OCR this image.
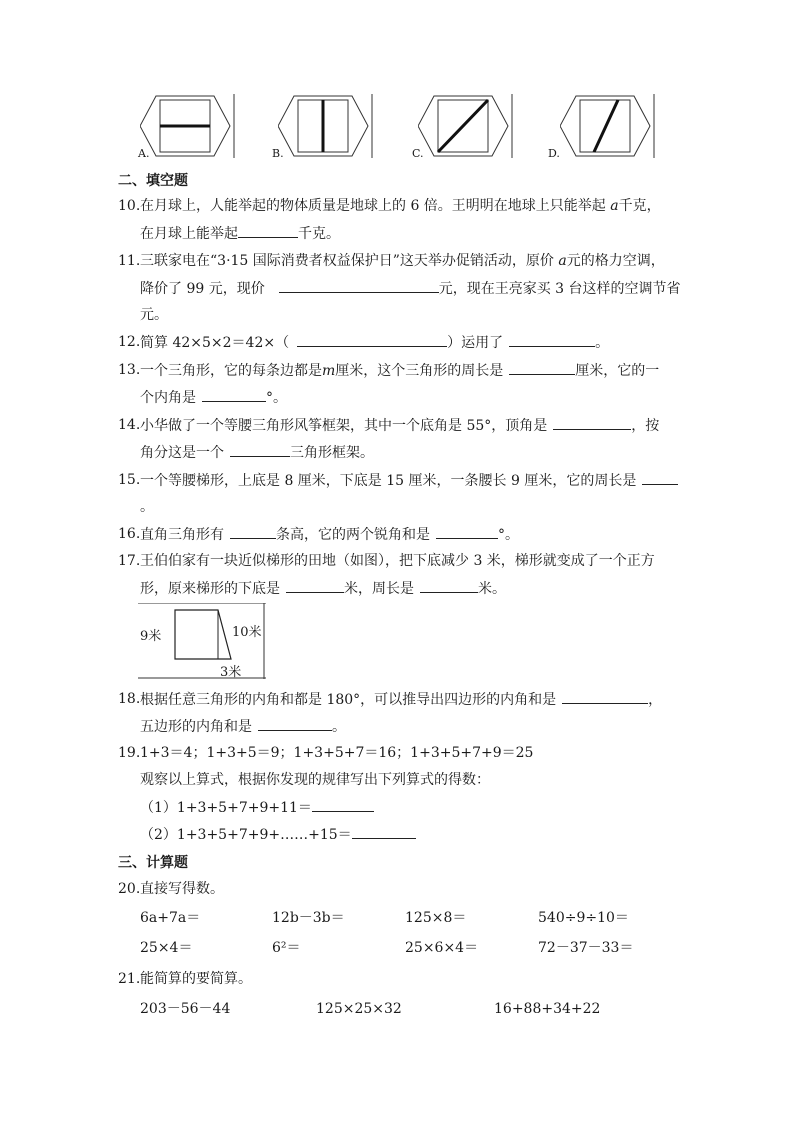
A.	B.	C.	D.
二、填空题
10. 在月球上，人能举起的物体质量是地球上的 6 倍。王明明在地球上只能举起 a千克，
在月球上能举起	千克。
11. 三联家电在“3·15 国际消费者权益保护日”这天举办促销活动，原价 a元的格力空调，
降价了 99 元，现价	元，现在王亮家买 3 台这样的空调节省
元。
12. 简算 42×5×2＝42×（	）运用了	。
13. 一个三角形，它的每条边都是m厘米，这个三角形的周长是	厘米，它的一
个内角是	°。
14. 小华做了一个等腰三角形风筝框架，其中一个底角是 55°，顶角是	，按
角分这是一个	三角形框架。
15. 一个等腰梯形，上底是 8 厘米，下底是 15 厘米，一条腰长 9 厘米，它的周长是
。
16. 直角三角形有	条高，它的两个锐角和是	°。
17. 王伯伯家有一块近似梯形的田地（如图），把下底减少 3 米，梯形就变成了一个正方
形，原来梯形的下底是	米，周长是	米。
9米	10米
3米
18. 根据任意三角形的内角和都是 180°，可以推导出四边形的内角和是	，
五边形的内角和是	。
19. 1+3＝4；1+3+5＝9；1+3+5+7＝16；1+3+5+7+9＝25
观察以上算式，根据你发现的规律写出下列算式的得数：
（1）1+3+5+7+9+11＝
（2）1+3+5+7+9+……+15＝
三、计算题
20. 直接写得数。
6a+7a＝	12b－3b＝	125×8＝	540÷9÷10＝
25×4＝	6²＝	25×6×4＝	72－37－33＝
21. 能简算的要简算。
203－56－44	125×25×32	16+88+34+22
